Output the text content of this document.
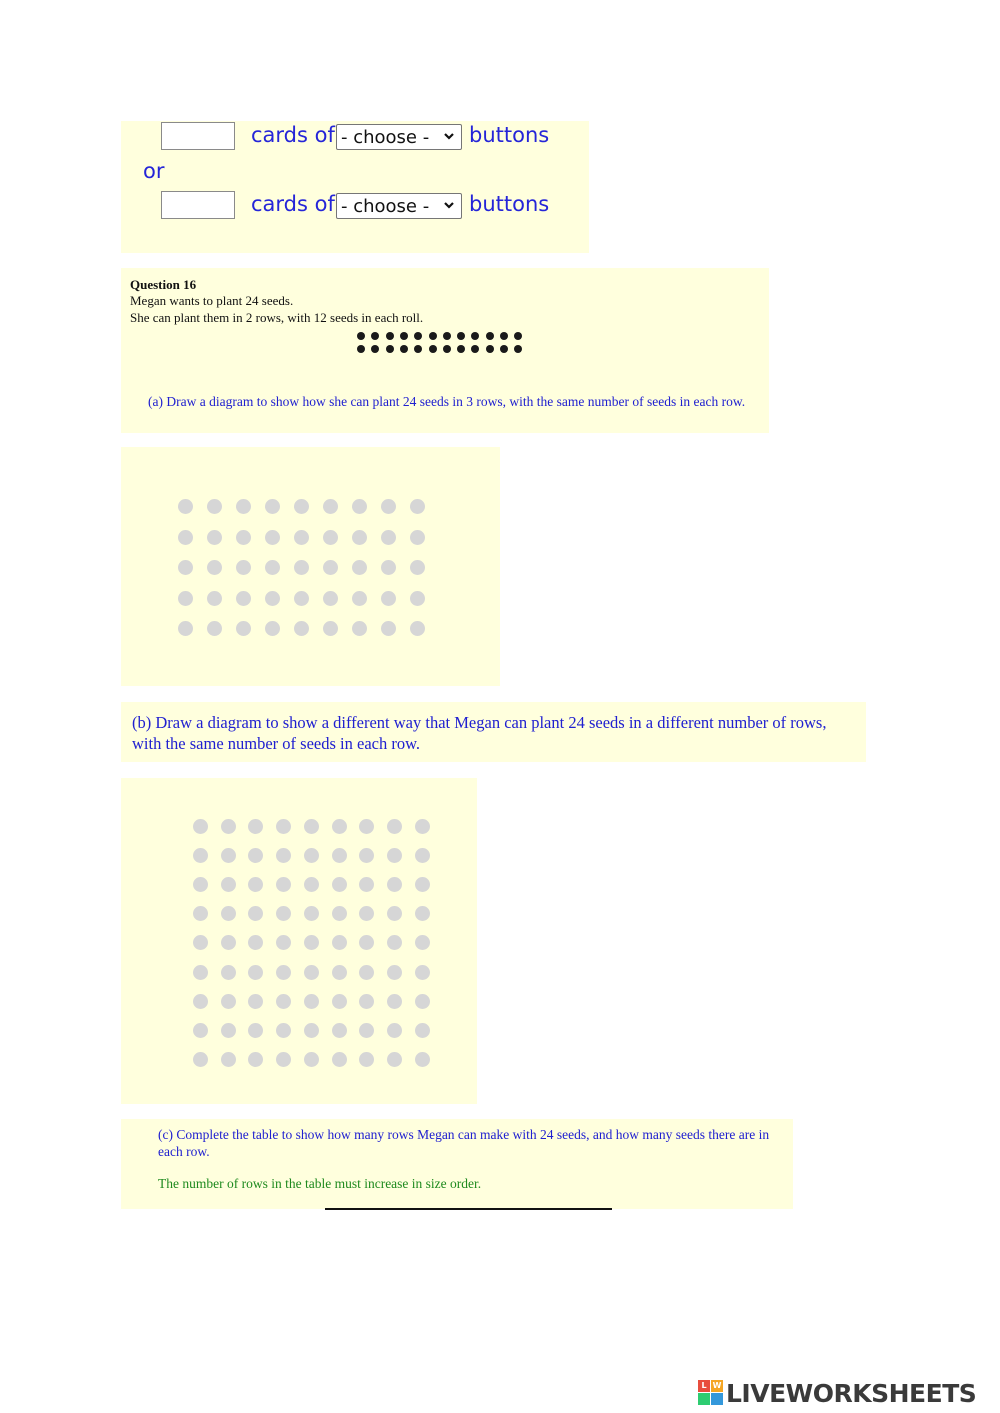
cards of - choose - buttons
or
cards of - choose - buttons
Question 16
Megan wants to plant 24 seeds.
She can plant them in 2 rows, with 12 seeds in each roll.
(a) Draw a diagram to show how she can plant 24 seeds in 3 rows, with the same number of seeds in each row.
(b) Draw a diagram to show a different way that Megan can plant 24 seeds in a different number of rows, with the same number of seeds in each row.
(c) Complete the table to show how many rows Megan can make with 24 seeds, and how many seeds there are in each row.
The number of rows in the table must increase in size order.
L W LIVEWORKSHEETS
